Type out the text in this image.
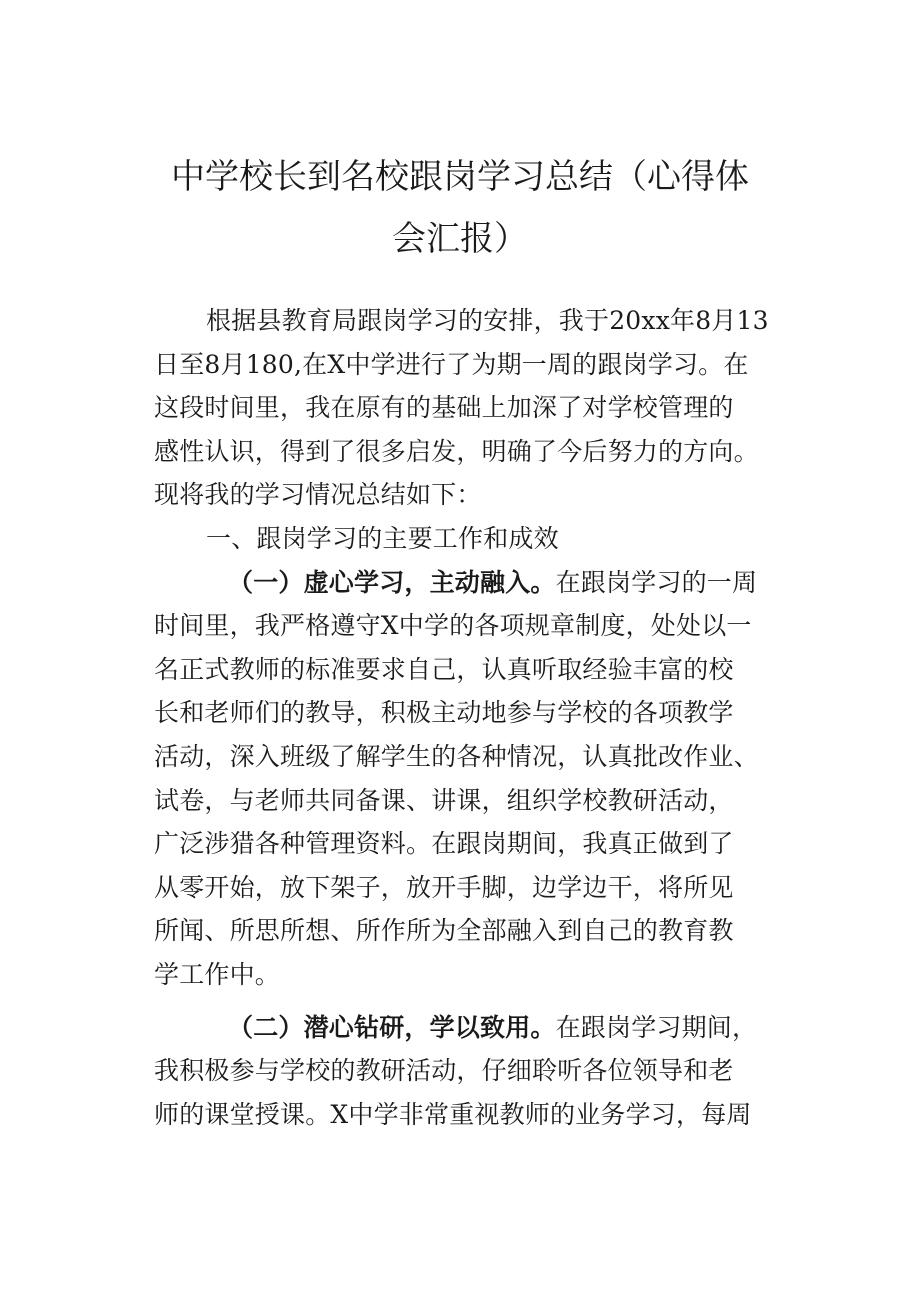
中学校长到名校跟岗学习总结（心得体
会汇报）
根据县教育局跟岗学习的安排，我于20xx年8月13
日至8月180,在X中学进行了为期一周的跟岗学习。在
这段时间里，我在原有的基础上加深了对学校管理的
感性认识，得到了很多启发，明确了今后努力的方向。
现将我的学习情况总结如下：
一、跟岗学习的主要工作和成效
（一）虚心学习，主动融入。在跟岗学习的一周
时间里，我严格遵守X中学的各项规章制度，处处以一
名正式教师的标准要求自己，认真听取经验丰富的校
长和老师们的教导，积极主动地参与学校的各项教学
活动，深入班级了解学生的各种情况，认真批改作业、
试卷，与老师共同备课、讲课，组织学校教研活动，
广泛涉猎各种管理资料。在跟岗期间，我真正做到了
从零开始，放下架子，放开手脚，边学边干，将所见
所闻、所思所想、所作所为全部融入到自己的教育教
学工作中。
（二）潜心钻研，学以致用。在跟岗学习期间，
我积极参与学校的教研活动，仔细聆听各位领导和老
师的课堂授课。X中学非常重视教师的业务学习，每周
